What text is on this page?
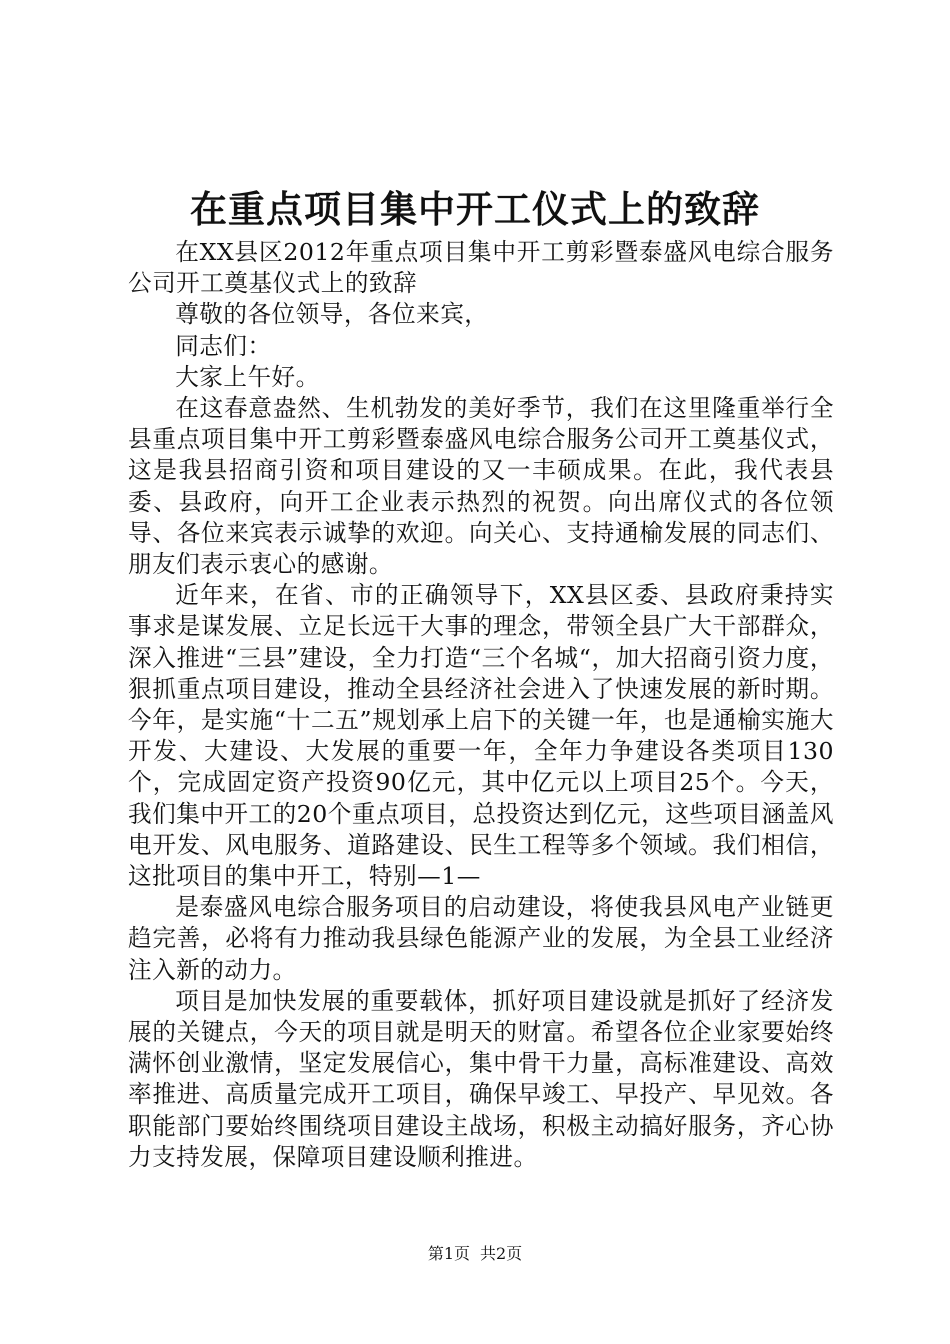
在重点项目集中开工仪式上的致辞

在XX县区2012年重点项目集中开工剪彩暨泰盛风电综合服务公司开工奠基仪式上的致辞

尊敬的各位领导，各位来宾，

同志们：

大家上午好。

在这春意盎然、生机勃发的美好季节，我们在这里隆重举行全县重点项目集中开工剪彩暨泰盛风电综合服务公司开工奠基仪式，这是我县招商引资和项目建设的又一丰硕成果。在此，我代表县委、县政府，向开工企业表示热烈的祝贺。向出席仪式的各位领导、各位来宾表示诚挚的欢迎。向关心、支持通榆发展的同志们、朋友们表示衷心的感谢。

近年来，在省、市的正确领导下，XX县区委、县政府秉持实事求是谋发展、立足长远干大事的理念，带领全县广大干部群众，深入推进“三县”建设，全力打造“三个名城“，加大招商引资力度，狠抓重点项目建设，推动全县经济社会进入了快速发展的新时期。今年，是实施“十二五”规划承上启下的关键一年，也是通榆实施大开发、大建设、大发展的重要一年，全年力争建设各类项目130个，完成固定资产投资90亿元，其中亿元以上项目25个。今天，我们集中开工的20个重点项目，总投资达到亿元，这些项目涵盖风电开发、风电服务、道路建设、民生工程等多个领域。我们相信，这批项目的集中开工，特别—1—

是泰盛风电综合服务项目的启动建设，将使我县风电产业链更趋完善，必将有力推动我县绿色能源产业的发展，为全县工业经济注入新的动力。

项目是加快发展的重要载体，抓好项目建设就是抓好了经济发展的关键点，今天的项目就是明天的财富。希望各位企业家要始终满怀创业激情，坚定发展信心，集中骨干力量，高标准建设、高效率推进、高质量完成开工项目，确保早竣工、早投产、早见效。各职能部门要始终围绕项目建设主战场，积极主动搞好服务，齐心协力支持发展，保障项目建设顺利推进。

第1页 共2页
